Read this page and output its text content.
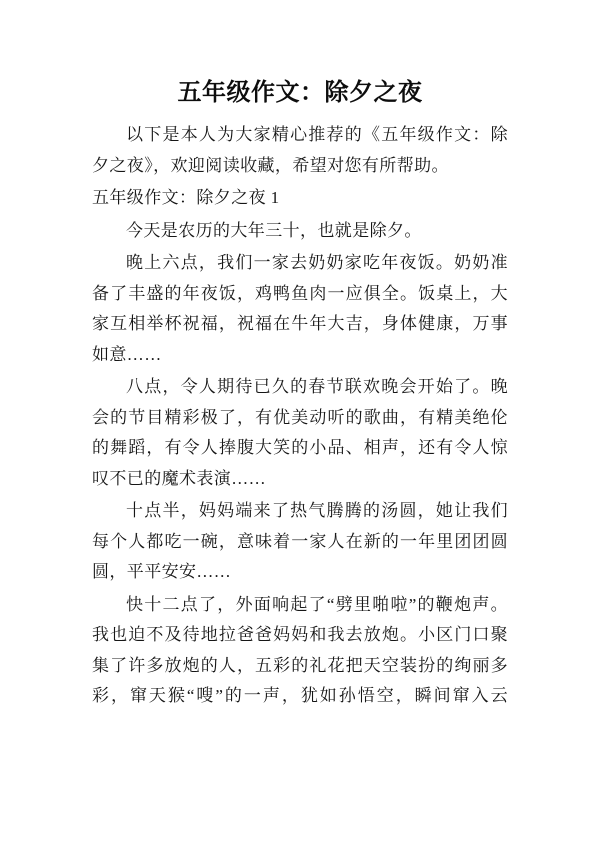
五年级作文：除夕之夜
以下是本人为大家精心推荐的《五年级作文：除
夕之夜》，欢迎阅读收藏，希望对您有所帮助。
五年级作文：除夕之夜 1
今天是农历的大年三十，也就是除夕。
晚上六点，我们一家去奶奶家吃年夜饭。奶奶准
备了丰盛的年夜饭，鸡鸭鱼肉一应俱全。饭桌上，大
家互相举杯祝福，祝福在牛年大吉，身体健康，万事
如意……
八点，令人期待已久的春节联欢晚会开始了。晚
会的节目精彩极了，有优美动听的歌曲，有精美绝伦
的舞蹈，有令人捧腹大笑的小品、相声，还有令人惊
叹不已的魔术表演……
十点半，妈妈端来了热气腾腾的汤圆，她让我们
每个人都吃一碗，意味着一家人在新的一年里团团圆
圆，平平安安……
快十二点了，外面响起了“劈里啪啦”的鞭炮声。
我也迫不及待地拉爸爸妈妈和我去放炮。小区门口聚
集了许多放炮的人，五彩的礼花把天空装扮的绚丽多
彩，窜天猴“嗖”的一声，犹如孙悟空，瞬间窜入云
